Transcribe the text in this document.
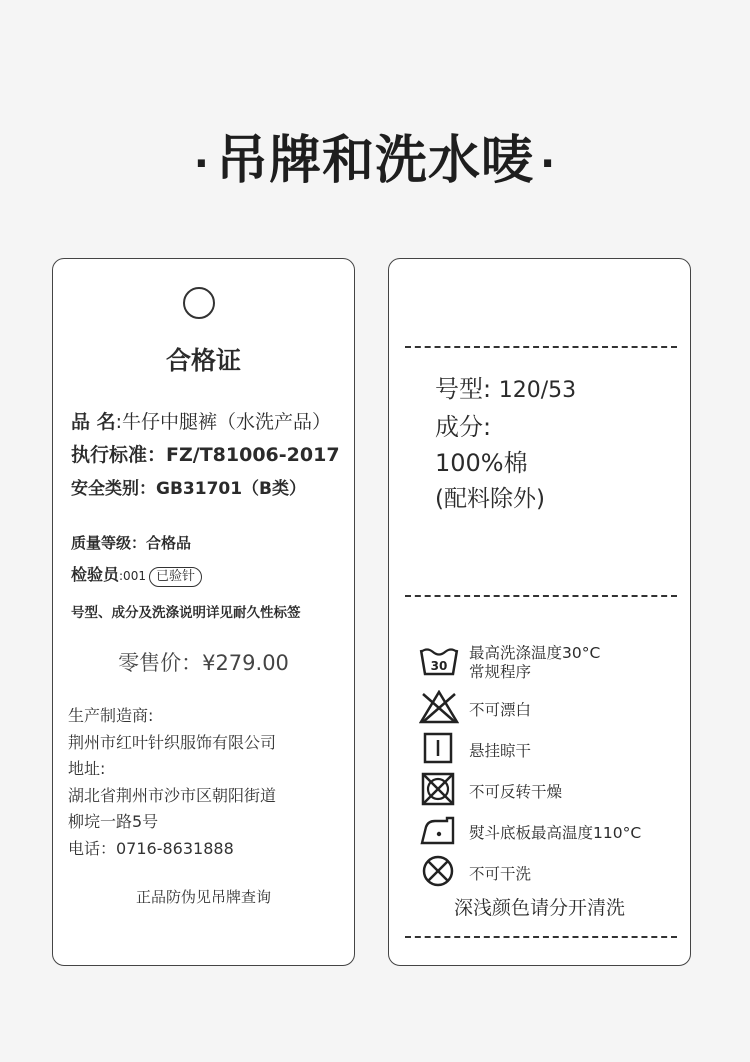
· 吊牌和洗水唛 ·
合格证
品 名:牛仔中腿裤（水洗产品）
执行标准：FZ/T81006-2017
安全类别：GB31701（B类）
质量等级：合格品
检验员:001 已验针
号型、成分及洗涤说明详见耐久性标签
零售价：¥279.00
生产制造商:
荆州市红叶针织服饰有限公司
地址:
湖北省荆州市沙市区朝阳街道
柳垸一路5号
电话：0716-8631888
正品防伪见吊牌查询
号型: 120/53
成分:
100%棉
(配料除外)
30
最高洗涤温度30°C
常规程序
不可漂白
悬挂晾干
不可反转干燥
熨斗底板最高温度110°C
不可干洗
深浅颜色请分开清洗
